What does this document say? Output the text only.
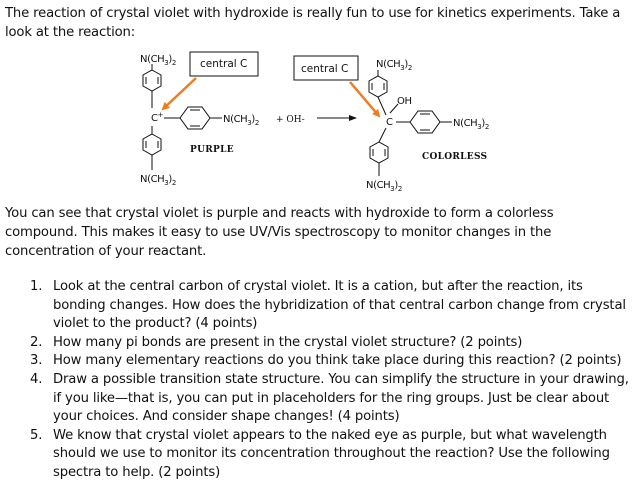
The reaction of crystal violet with hydroxide is really fun to use for kinetics experiments. Take a look at the reaction:
$N(CH_3)_2$
C+	$N(CH_3)_2$
$N(CH_3)_2$
+ OH-
PURPLE
central C	$N(CH_3)_2$
OH
C	$N(CH_3)_2$
$N(CH_3)_2$
COLORLESS
central C
You can see that crystal violet is purple and reacts with hydroxide to form a colorless compound. This makes it easy to use UV/Vis spectroscopy to monitor changes in the concentration of your reactant.
1. Look at the central carbon of crystal violet. It is a cation, but after the reaction, its bonding changes. How does the hybridization of that central carbon change from crystal violet to the product? (4 points)
2. How many pi bonds are present in the crystal violet structure? (2 points)
3. How many elementary reactions do you think take place during this reaction? (2 points)
4. Draw a possible transition state structure. You can simplify the structure in your drawing, if you like—that is, you can put in placeholders for the ring groups. Just be clear about your choices. And consider shape changes! (4 points)
5. We know that crystal violet appears to the naked eye as purple, but what wavelength should we use to monitor its concentration throughout the reaction? Use the following spectra to help. (2 points)
